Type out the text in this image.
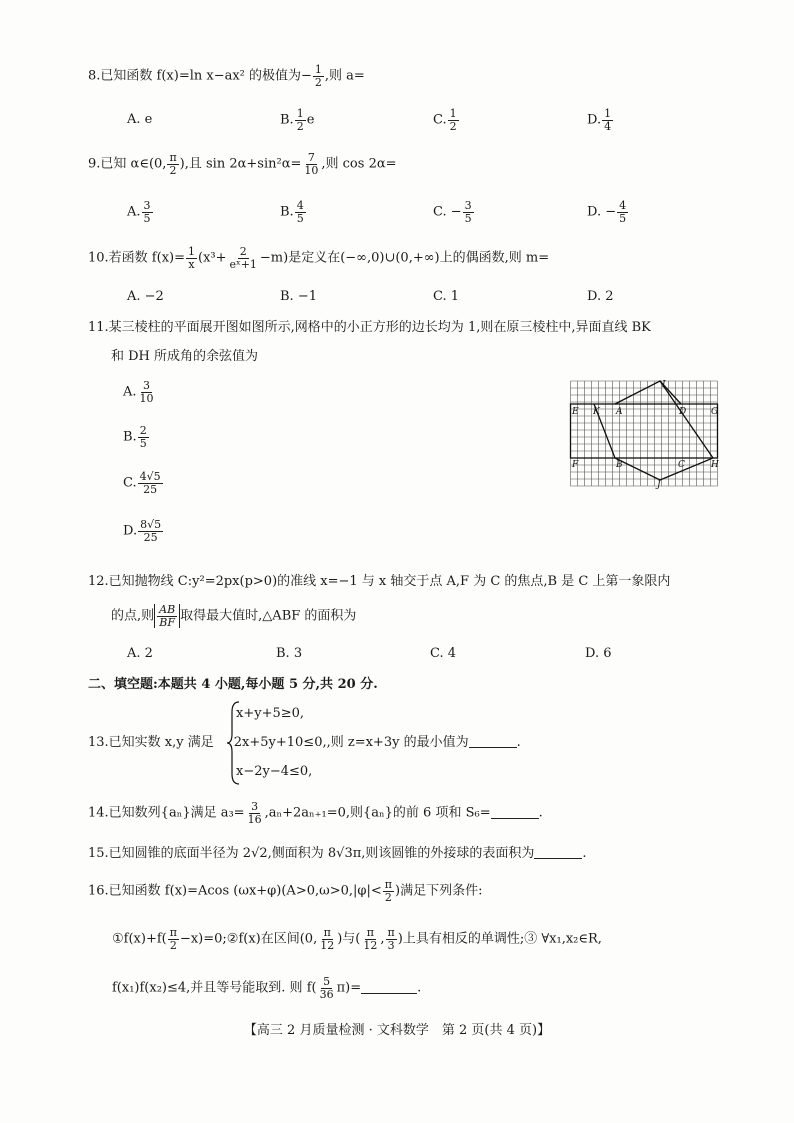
8.已知函数 f(x)=ln x−ax² 的极值为− $\frac{1}{2}$ ,则 a=
A. e	B. $\frac{1}{2}$ e	C. $\frac{1}{2}$	D. $\frac{1}{4}$
9.已知 α∈(0, $\frac{\pi}{2}$ ),且 $\sin 2\alpha+\sin^2\alpha= \frac{7}{10}$ ,则 cos 2α=
A. $\frac{3}{5}$	B. $\frac{4}{5}$	C. − $\frac{3}{5}$	D. − $\frac{4}{5}$
10.若函数 $f(x)= \frac{1}{x} (x^3+ \frac{2}{\text{eˣ+1}} -m)$是定义在(−∞,0)∪(0,+∞)上的偶函数,则 m=
A. −2	B. −1	C. 1	D. 2
11.某三棱柱的平面展开图如图所示,网格中的小正方形的边长均为 1,则在原三棱柱中,异面直线 BK
和 DH 所成角的余弦值为
A. $\frac{3}{10}$
B. $\frac{2}{5}$
C. $\frac{4√5}{25}$
D. $\frac{8√5}{25}$
E K A
I
D	G
F	B	C	H
J
12.已知抛物线 C:y²=2px(p>0)的准线 x=−1 与 x 轴交于点 A,F 为 C 的焦点,B 是 C 上第一象限内
的点,则 $\frac{AB}{BF}$ 取得最大值时,△ABF 的面积为
A. 2	B. 3	C. 4	D. 6
二、填空题:本题共 4 小题,每小题 5 分,共 20 分.
x+y+5≥0,
x−2y−4≤0,
13.已知实数 x,y 满足 2x+5y+10≤0,,则 z=x+3y 的最小值为	.
14.已知数列{aₙ}满足 $a_3= \frac{3}{16} ,a_n+2a_{n+1}=0$,则{aₙ}的前 6 项和 S₆=	.
15.已知圆锥的底面半径为 2√2,侧面积为 8√3π,则该圆锥的外接球的表面积为	.
16.已知函数 f(x)=Acos $(\omega x+\varphi)(A>0,\omega>0,|\varphi|< \frac{\pi}{2}$ )满足下列条件:
①f(x)+f( $\frac{\pi}{2}$ −x)=0;②f(x)在区间(0, $\frac{\pi}{12}$ )与( $\frac{\pi}{12}$ , $\frac{\pi}{3}$ )上具有相反的单调性;③ ∀x₁,x₂∈R,
f(x₁)f(x₂)≤4,并且等号能取到. 则 $f( \frac{5}{36} \pi)=$	.
【高三 2 月质量检测 · 文科数学　第 2 页(共 4 页)】
